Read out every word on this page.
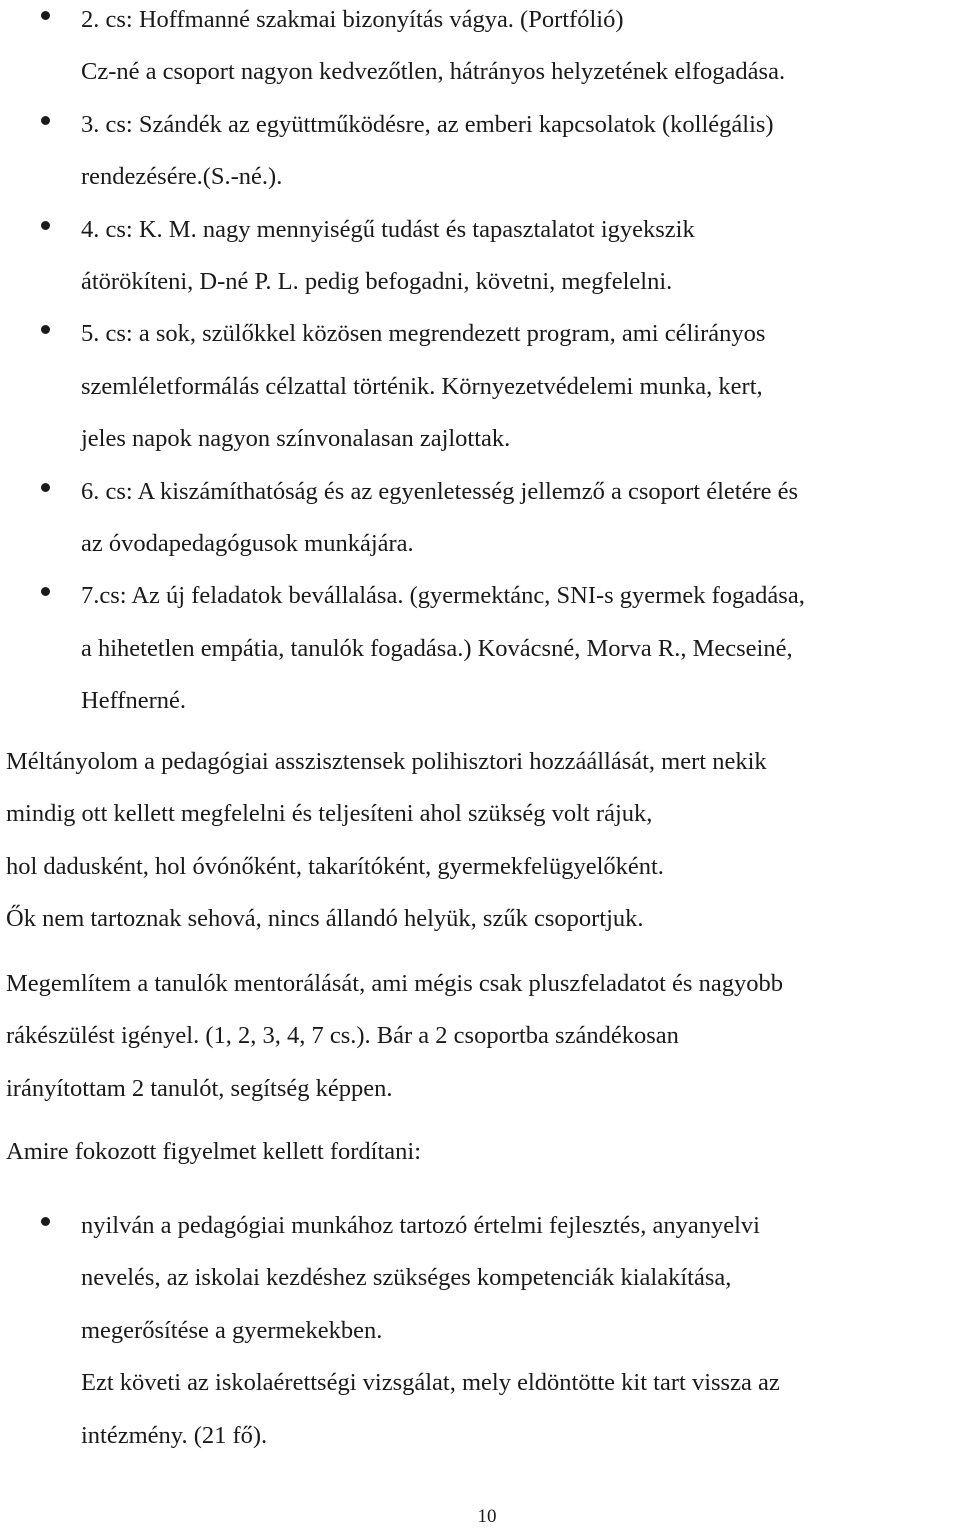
2. cs: Hoffmanné szakmai bizonyítás vágya. (Portfólió)
Cz-né a csoport nagyon kedvezőtlen, hátrányos helyzetének elfogadása.
3. cs: Szándék az együttműködésre, az emberi kapcsolatok (kollégális)
rendezésére.(S.-né.).
4. cs: K. M. nagy mennyiségű tudást és tapasztalatot igyekszik
átörökíteni, D-né P. L. pedig befogadni, követni, megfelelni.
5. cs: a sok, szülőkkel közösen megrendezett program, ami célirányos
szemléletformálás célzattal történik. Környezetvédelemi munka, kert,
jeles napok nagyon színvonalasan zajlottak.
6. cs: A kiszámíthatóság és az egyenletesség jellemző a csoport életére és
az óvodapedagógusok munkájára.
7.cs: Az új feladatok bevállalása. (gyermektánc, SNI-s gyermek fogadása,
a hihetetlen empátia, tanulók fogadása.) Kovácsné, Morva R., Mecseiné,
Heffnerné.
Méltányolom a pedagógiai asszisztensek polihisztori hozzáállását, mert nekik
mindig ott kellett megfelelni és teljesíteni ahol szükség volt rájuk,
hol dadusként, hol óvónőként, takarítóként, gyermekfelügyelőként.
Ők nem tartoznak sehová, nincs állandó helyük, szűk csoportjuk.
Megemlítem a tanulók mentorálását, ami mégis csak pluszfeladatot és nagyobb
rákészülést igényel. (1, 2, 3, 4, 7 cs.). Bár a 2 csoportba szándékosan
irányítottam 2 tanulót, segítség képpen.
Amire fokozott figyelmet kellett fordítani:
nyilván a pedagógiai munkához tartozó értelmi fejlesztés, anyanyelvi
nevelés, az iskolai kezdéshez szükséges kompetenciák kialakítása,
megerősítése a gyermekekben.
Ezt követi az iskolaérettségi vizsgálat, mely eldöntötte kit tart vissza az
intézmény. (21 fő).
10
